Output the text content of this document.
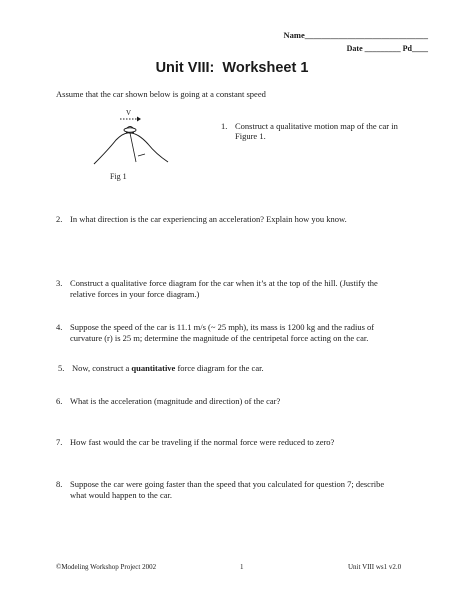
Name_____________________________
Date _________ Pd____
Unit VIII:  Worksheet 1
Assume that the car shown below is going at a constant speed
V
Fig 1
1. Construct a qualitative motion map of the car in
Figure 1.
2. In what direction is the car experiencing an acceleration? Explain how you know.
3. Construct a qualitative force diagram for the car when it’s at the top of the hill. (Justify the
relative forces in your force diagram.)
4. Suppose the speed of the car is 11.1 m/s (~ 25 mph), its mass is 1200 kg and the radius of
curvature (r) is 25 m; determine the magnitude of the centripetal force acting on the car.
5. Now, construct a quantitative force diagram for the car.
6. What is the acceleration (magnitude and direction) of the car?
7. How fast would the car be traveling if the normal force were reduced to zero?
8. Suppose the car were going faster than the speed that you calculated for question 7; describe
what would happen to the car.
©Modeling Workshop Project 2002	1	Unit VIII ws1 v2.0
